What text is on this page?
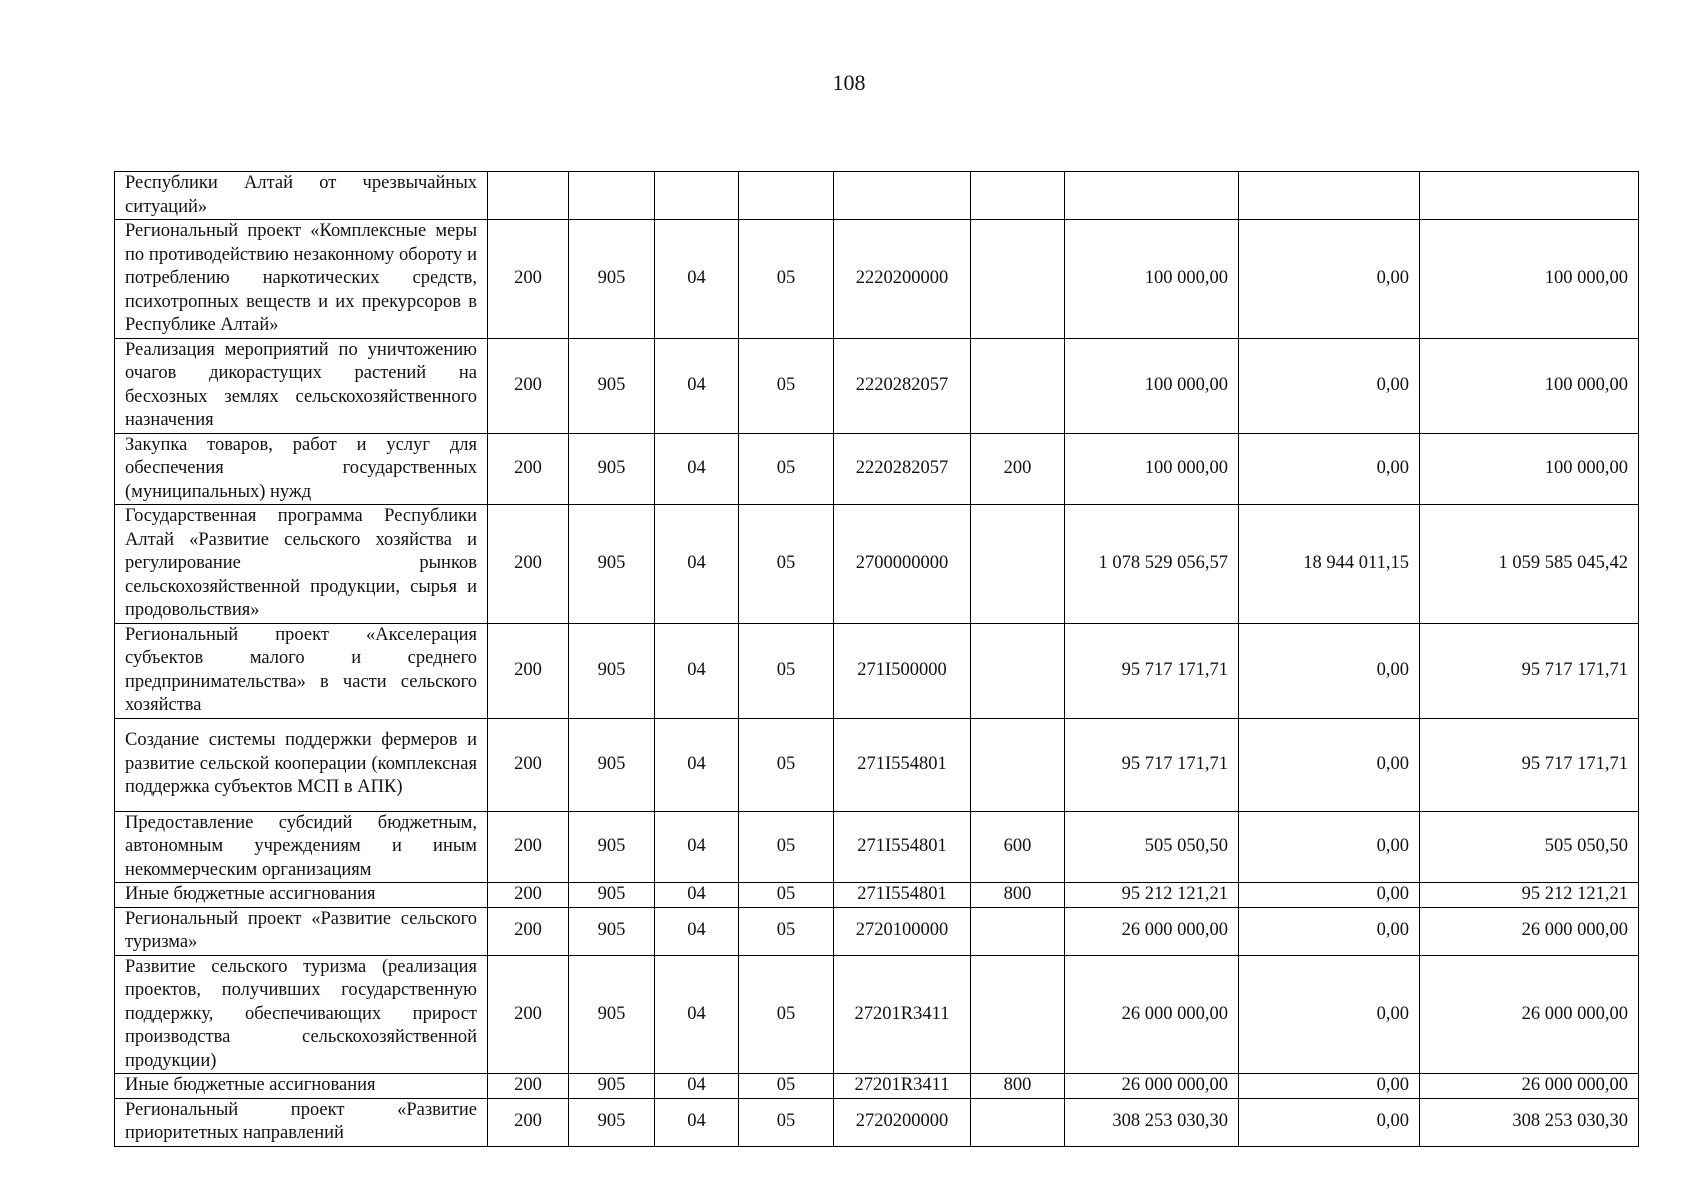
108
Республики Алтай от чрезвычайных ситуаций»									
Региональный проект «Комплексные меры по противодействию незаконному обороту и потреблению наркотических средств, психотропных веществ и их прекурсоров в Республике Алтай»	200	905	04	05	2220200000		100 000,00	0,00	100 000,00
Реализация мероприятий по уничтожению очагов дикорастущих растений на бесхозных землях сельскохозяйственного назначения	200	905	04	05	2220282057		100 000,00	0,00	100 000,00
Закупка товаров, работ и услуг для обеспечения государственных (муниципальных) нужд	200	905	04	05	2220282057	200	100 000,00	0,00	100 000,00
Государственная программа Республики Алтай «Развитие сельского хозяйства и регулирование рынков сельскохозяйственной продукции, сырья и продовольствия»	200	905	04	05	2700000000		1 078 529 056,57	18 944 011,15	1 059 585 045,42
Региональный проект «Акселерация субъектов малого и среднего предпринимательства» в части сельского хозяйства	200	905	04	05	271I500000		95 717 171,71	0,00	95 717 171,71
Создание системы поддержки фермеров и развитие сельской кооперации (комплексная поддержка субъектов МСП в АПК)	200	905	04	05	271I554801		95 717 171,71	0,00	95 717 171,71
Предоставление субсидий бюджетным, автономным учреждениям и иным некоммерческим организациям	200	905	04	05	271I554801	600	505 050,50	0,00	505 050,50
Иные бюджетные ассигнования	200	905	04	05	271I554801	800	95 212 121,21	0,00	95 212 121,21
Региональный проект «Развитие сельского туризма»	200	905	04	05	2720100000		26 000 000,00	0,00	26 000 000,00
Развитие сельского туризма (реализация проектов, получивших государственную поддержку, обеспечивающих прирост производства сельскохозяйственной продукции)	200	905	04	05	27201R3411		26 000 000,00	0,00	26 000 000,00
Иные бюджетные ассигнования	200	905	04	05	27201R3411	800	26 000 000,00	0,00	26 000 000,00
Региональный проект «Развитие приоритетных направлений	200	905	04	05	2720200000		308 253 030,30	0,00	308 253 030,30
